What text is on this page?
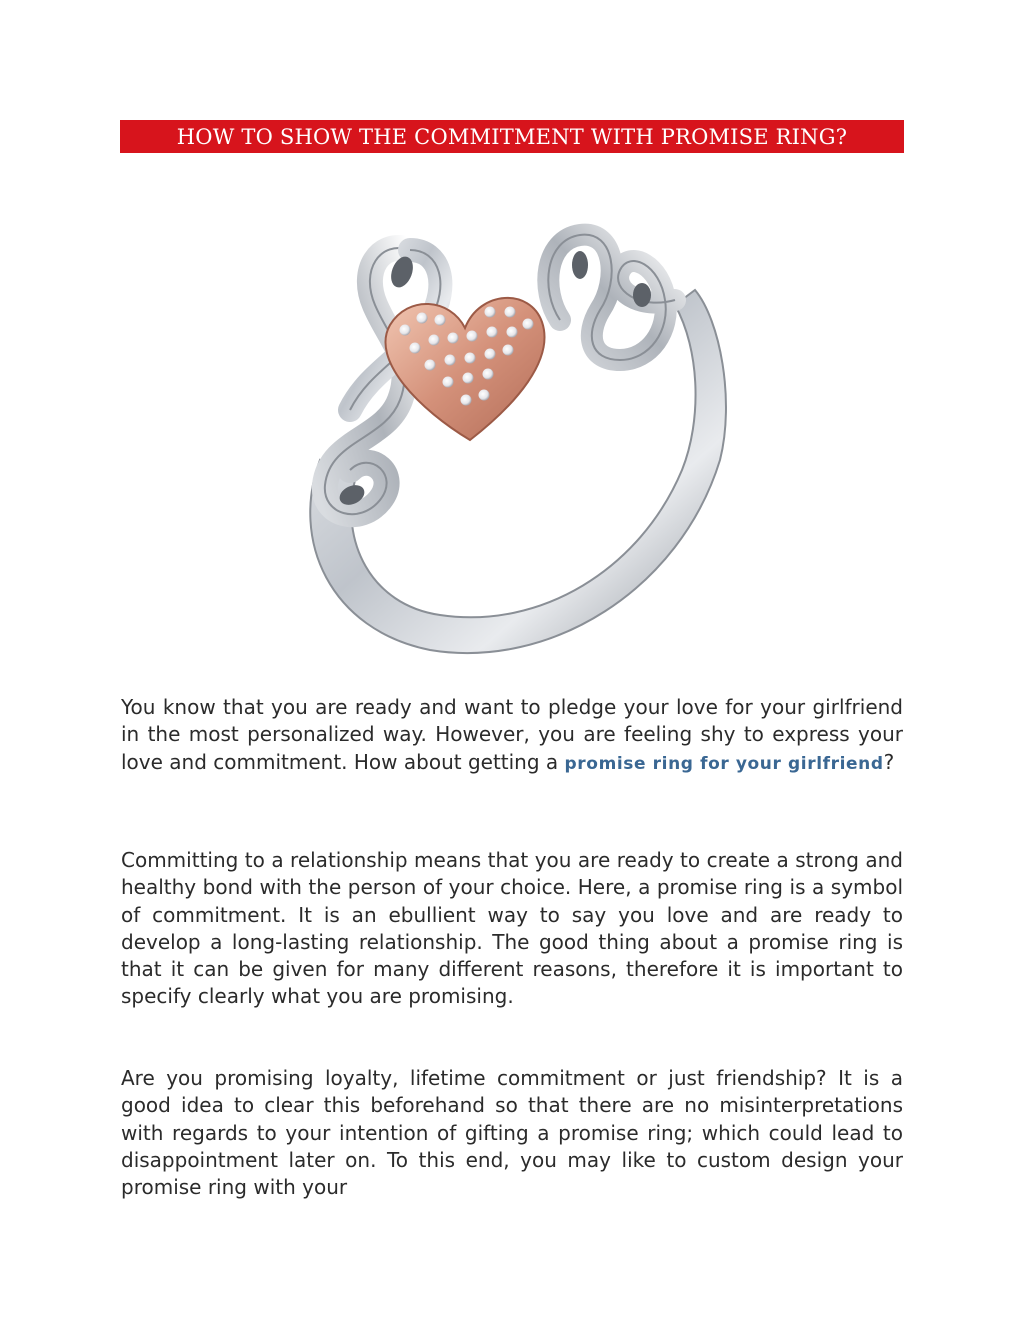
HOW TO SHOW THE COMMITMENT WITH PROMISE RING?

You know that you are ready and want to pledge your love for your girlfriend in the most personalized way. However, you are feeling shy to express your love and commitment. How about getting a promise ring for your girlfriend?

Committing to a relationship means that you are ready to create a strong and healthy bond with the person of your choice. Here, a promise ring is a symbol of commitment. It is an ebullient way to say you love and are ready to develop a long-lasting relationship. The good thing about a promise ring is that it can be given for many different reasons, therefore it is important to specify clearly what you are promising.

Are you promising loyalty, lifetime commitment or just friendship? It is a good idea to clear this beforehand so that there are no misinterpretations with regards to your intention of gifting a promise ring; which could lead to disappointment later on. To this end, you may like to custom design your promise ring with your
